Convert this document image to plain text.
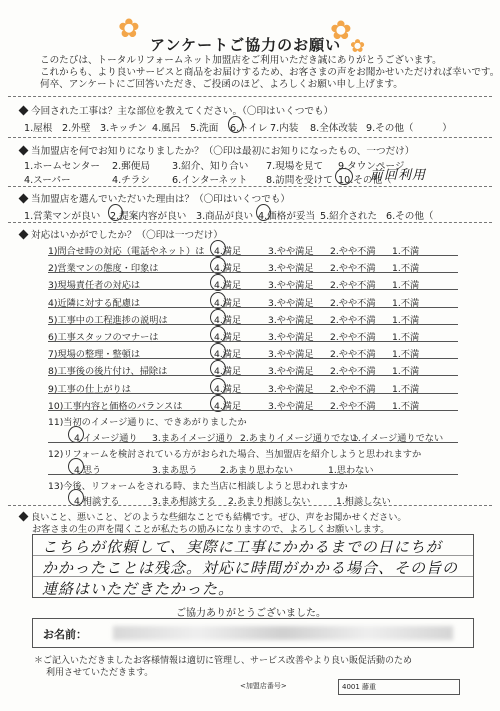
✿	✿
✿
アンケートご協力のお願い
このたびは、トータルリフォームネット加盟店をご利用いただき誠にありがとうございます。
これからも、より良いサービスと商品をお届けするため、お客さまの声をお聞かせいただければ幸いです。
何卒、アンケートにご回答いただき、ご投函のほど、よろしくお願い申し上げます。
今回された工事は？主な部位を教えてください。（〇印はいくつでも）
1.屋根 2.外壁 3.キッチン 4.風呂 5.洗面 6.トイレ 7.内装 8.全体改装 9.その他（　　　）
当加盟店を何でお知りになりましたか？（〇印は最初にお知りになったもの、一つだけ）
1.ホームセンター 2.郵便局 3.紹介、知り合い 7.現場を見て 9.タウンページ
4.スーパー	4.チラシ 6.インターネット 8.訪問を受けて 10.その他（
前回利用
当加盟店を選んでいただいた理由は？（〇印はいくつでも）
1.営業マンが良い 2.提案内容が良い 3.商品が良い 4.価格が妥当 5.紹介された 6.その他（
対応はいかがでしたか？（〇印は一つだけ）
1)問合せ時の対応（電話やネット）は 4.満足	3.やや満足 2.やや不満 1.不満
2)営業マンの態度・印象は	4.満足	3.やや満足 2.やや不満 1.不満
3)現場責任者の対応は	4.満足	3.やや満足 2.やや不満 1.不満
4)近隣に対する配慮は	4.満足	3.やや満足 2.やや不満 1.不満
5)工事中の工程進捗の説明は	4.満足	3.やや満足 2.やや不満 1.不満
6)工事スタッフのマナーは	4.満足	3.やや満足 2.やや不満 1.不満
7)現場の整理・整頓は	4.満足	3.やや満足 2.やや不満 1.不満
8)工事後の後片付け、掃除は	4.満足	3.やや満足 2.やや不満 1.不満
9)工事の仕上がりは	4.満足	3.やや満足 2.やや不満 1.不満
10)工事内容と価格のバランスは	4.満足	3.やや満足 2.やや不満 1.不満
11)当初のイメージ通りに、できあがりましたか
4.イメージ通り 3.まあイメージ通り 2.あまりイメージ通りでない
1.イメージ通りでない
12)リフォームを検討されている方がおられた場合、当加盟店を紹介しようと思われますか
4.思う	3.まあ思う 2.あまり思わない	1.思わない
13)今後、リフォームをされる時、また当店に相談しようと思われますか
4.相談する	3.まあ相談する 2.あまり相談しない	1.相談しない
良いこと、悪いこと、どのような些細なことでも結構です。ぜひ、声をお聞かせください。
お客さまの生の声を聞くことが私たちの励みになりますので、よろしくお願いします。
こちらが依頼して、実際に工事にかかるまでの日にちが
かかったことは残念。対応に時間がかかる場合、その旨の
連絡はいただきたかった。
ご協力ありがとうございました。
お名前：
＊ご記入いただきましたお客様情報は適切に管理し、サービス改善やより良い販促活動のため
利用させていただきます。
<加盟店番号>	4001 藤重
